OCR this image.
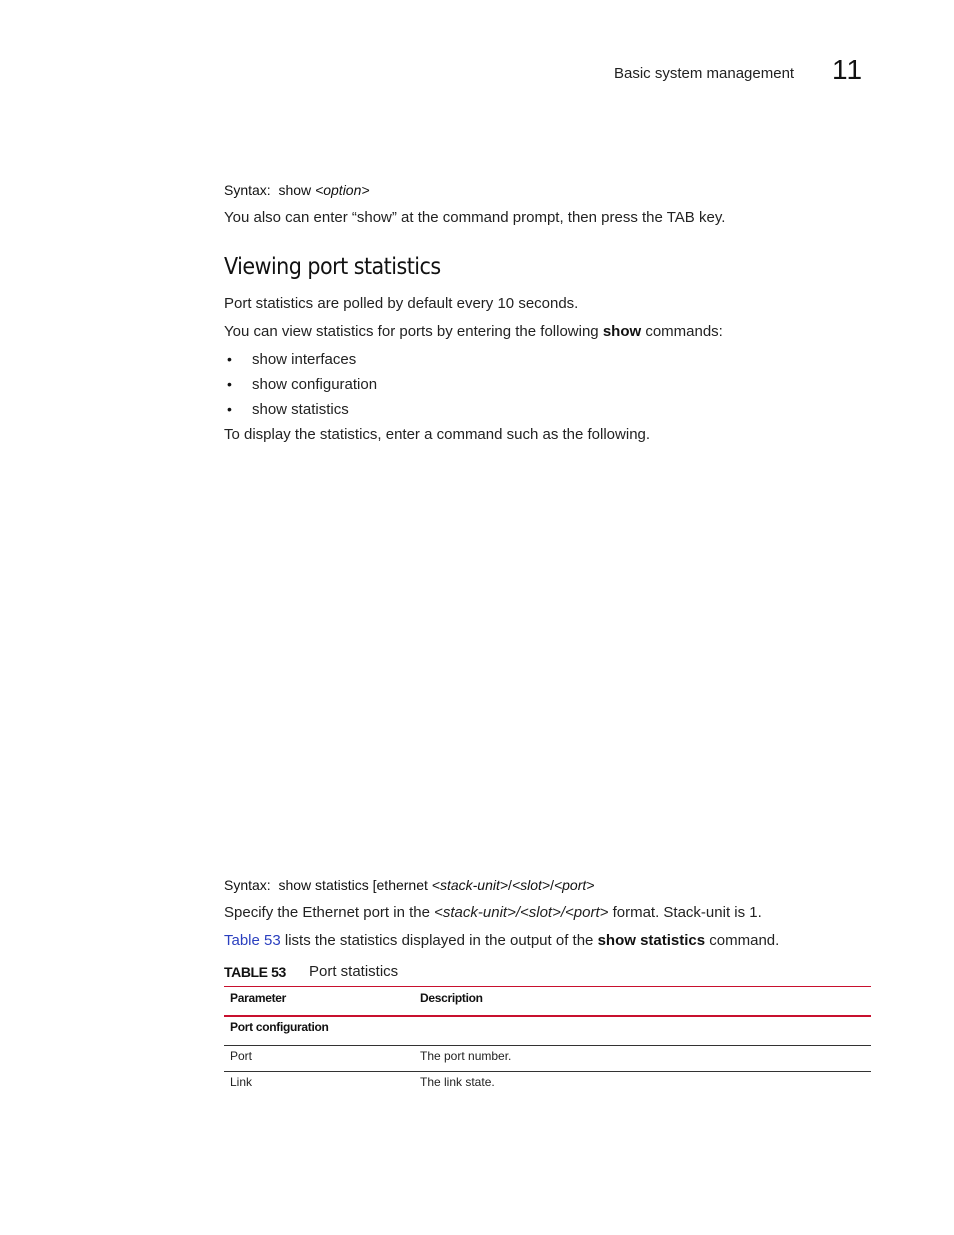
Basic system management 11
Syntax: show <option>
You also can enter “show” at the command prompt, then press the TAB key.
Viewing port statistics
Port statistics are polled by default every 10 seconds.
You can view statistics for ports by entering the following show commands:
• show interfaces
• show configuration
• show statistics
To display the statistics, enter a command such as the following.
Syntax: show statistics [ethernet <stack-unit>/<slot>/<port>
Specify the Ethernet port in the <stack-unit>/<slot>/<port> format. Stack-unit is 1.
Table 53 lists the statistics displayed in the output of the show statistics command.
TABLE 53 Port statistics
Parameter	Description
Port configuration
Port	The port number.
Link	The link state.
